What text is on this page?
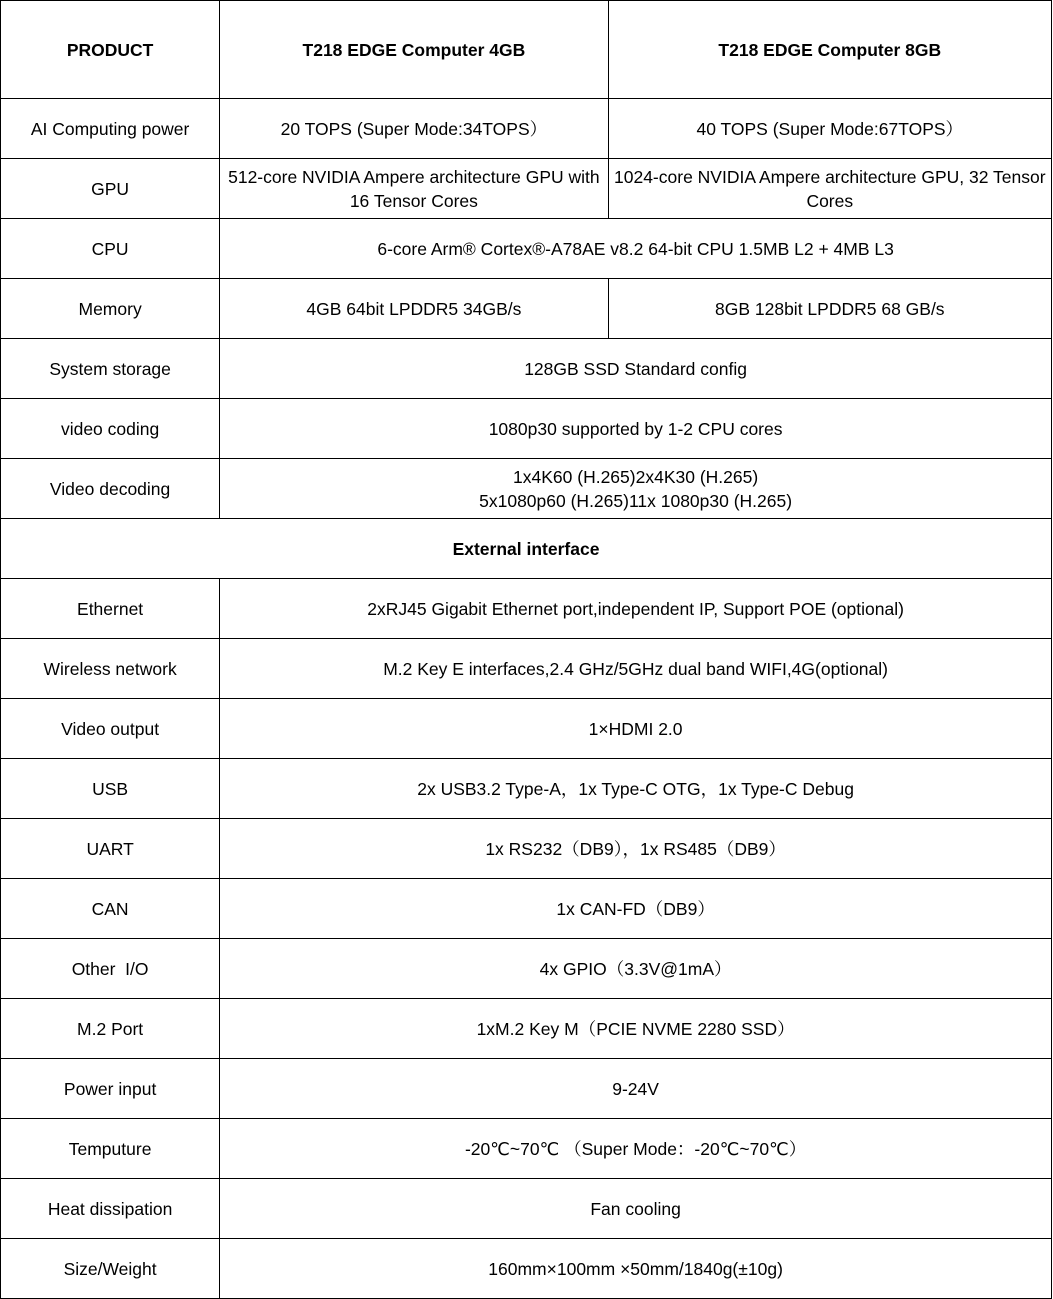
PRODUCT	T218 EDGE Computer 4GB	T218 EDGE Computer 8GB
AI Computing power	20 TOPS (Super Mode:34TOPS）	40 TOPS (Super Mode:67TOPS）
GPU	512-core NVIDIA Ampere architecture GPU with 16 Tensor Cores	1024-core NVIDIA Ampere architecture GPU, 32 Tensor Cores
CPU	6-core Arm® Cortex®-A78AE v8.2 64-bit CPU 1.5MB L2 + 4MB L3	
Memory	4GB 64bit LPDDR5 34GB/s	8GB 128bit LPDDR5 68 GB/s
System storage	128GB SSD Standard config	
video coding	1080p30 supported by 1-2 CPU cores	
Video decoding	1x4K60 (H.265)2x4K30 (H.265)
5x1080p60 (H.265)11x 1080p30 (H.265)	

External interface		
Ethernet	2xRJ45 Gigabit Ethernet port,independent IP, Support POE (optional)	
Wireless network	M.2 Key E interfaces,2.4 GHz/5GHz dual band WIFI,4G(optional)	
Video output	1×HDMI 2.0	
USB	2x USB3.2 Type-A，1x Type-C OTG，1x Type-C Debug	
UART	1x RS232（DB9），1x RS485（DB9）	
CAN	1x CAN-FD（DB9）	
Other  I/O	4x GPIO（3.3V@1mA）	
M.2 Port	1xM.2 Key M（PCIE NVME 2280 SSD）	
Power input	9-24V	
Temputure	-20℃~70℃ （Super Mode：-20℃~70℃）	
Heat dissipation	Fan cooling	
Size/Weight	160mm×100mm ×50mm/1840g(±10g)	
